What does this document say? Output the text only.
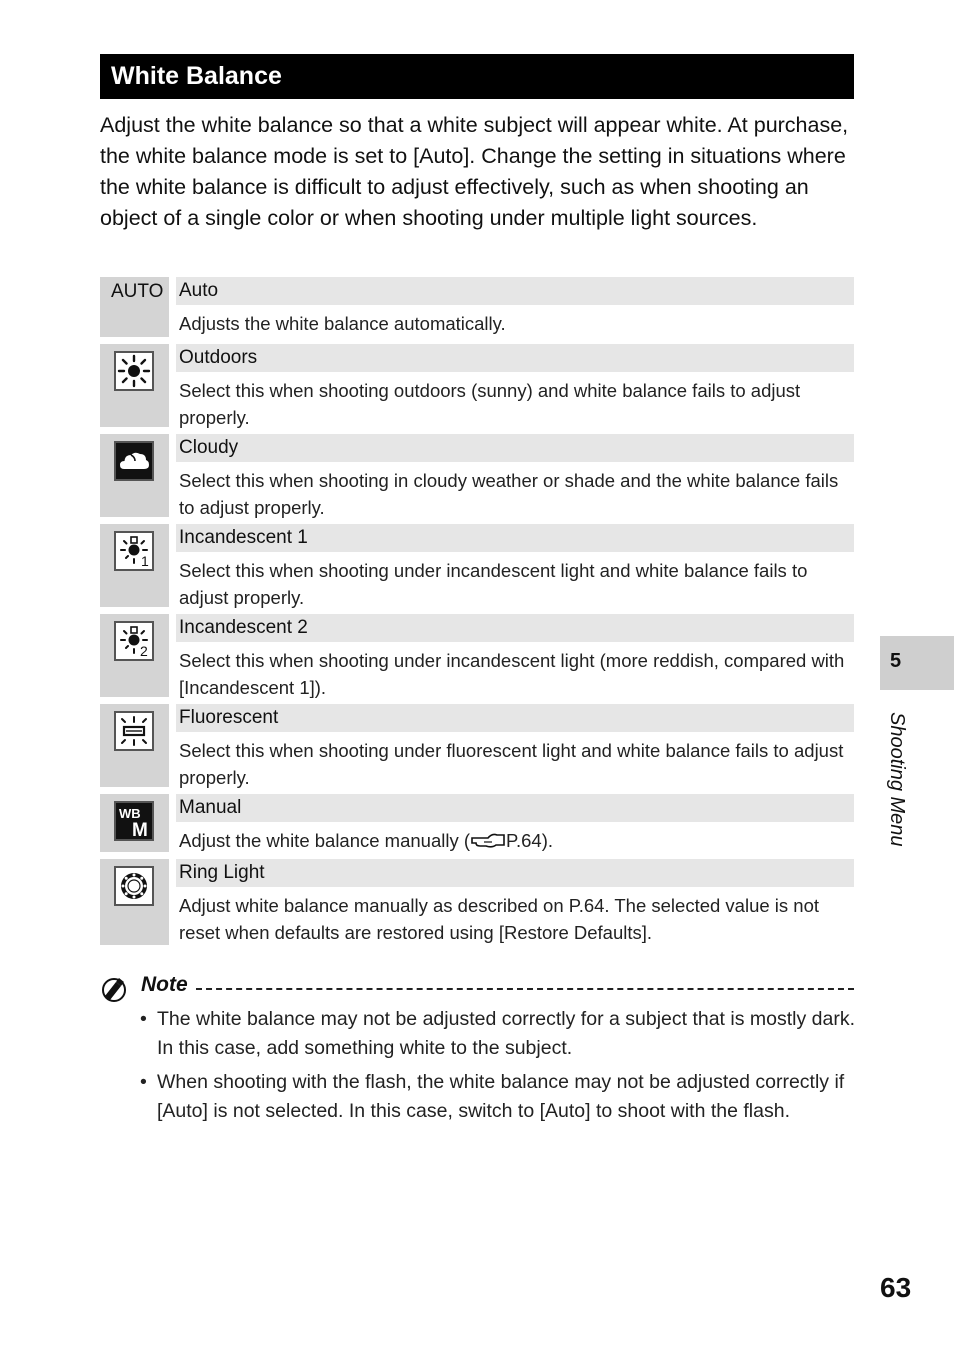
White Balance

Adjust the white balance so that a white subject will appear white. At purchase, the white balance mode is set to [Auto]. Change the setting in situations where the white balance is difficult to adjust effectively, such as when shooting an object of a single color or when shooting under multiple light sources.

AUTO Auto
Adjusts the white balance automatically.
Outdoors
Select this when shooting outdoors (sunny) and white balance fails to adjust properly.
Cloudy
Select this when shooting in cloudy weather or shade and the white balance fails to adjust properly.
1
Incandescent 1
Select this when shooting under incandescent light and white balance fails to adjust properly.
2
Incandescent 2
Select this when shooting under incandescent light (more reddish, compared with [Incandescent 1]).
Fluorescent
Select this when shooting under fluorescent light and white balance fails to adjust properly.
WB
M
Manual
Adjust the white balance manually ( P.64).
Ring Light
Adjust white balance manually as described on P.64. The selected value is not reset when defaults are restored using [Restore Defaults].
Note
• The white balance may not be adjusted correctly for a subject that is mostly dark. In this case, add something white to the subject.
• When shooting with the flash, the white balance may not be adjusted correctly if [Auto] is not selected. In this case, switch to [Auto] to shoot with the flash.
5
Shooting Menu
63
